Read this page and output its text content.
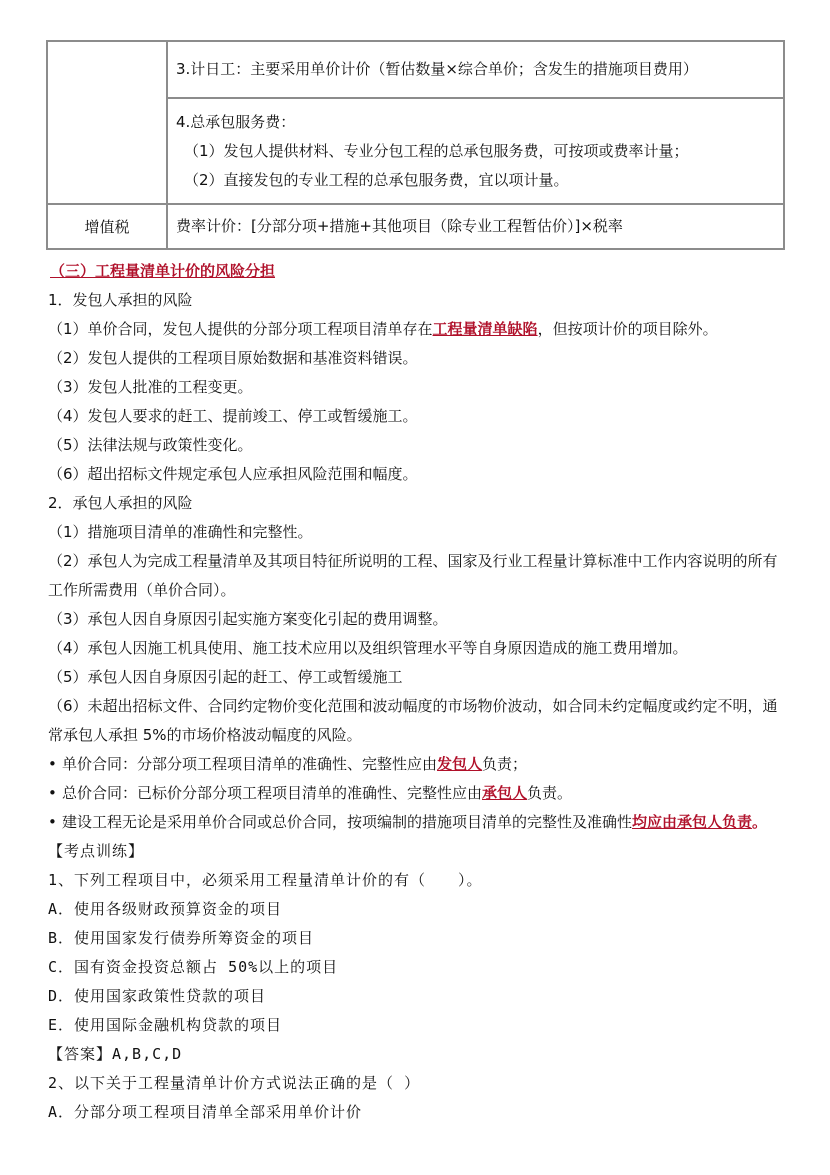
	3.计日工：主要采用单价计价（暂估数量×综合单价；含发生的措施项目费用）

	4.总承包服务费：

（1）发包人提供材料、专业分包工程的总承包服务费，可按项或费率计量；

（2）直接发包的专业工程的总承包服务费，宜以项计量。

增值税	费率计价：[分部分项+措施+其他项目（除专业工程暂估价）]×税率

（三）工程量清单计价的风险分担

1．发包人承担的风险

（1）单价合同，发包人提供的分部分项工程项目清单存在工程量清单缺陷，但按项计价的项目除外。

（2）发包人提供的工程项目原始数据和基准资料错误。

（3）发包人批准的工程变更。

（4）发包人要求的赶工、提前竣工、停工或暂缓施工。

（5）法律法规与政策性变化。

（6）超出招标文件规定承包人应承担风险范围和幅度。

2．承包人承担的风险

（1）措施项目清单的准确性和完整性。

（2）承包人为完成工程量清单及其项目特征所说明的工程、国家及行业工程量计算标准中工作内容说明的所有工作所需费用（单价合同）。

（3）承包人因自身原因引起实施方案变化引起的费用调整。

（4）承包人因施工机具使用、施工技术应用以及组织管理水平等自身原因造成的施工费用增加。

（5）承包人因自身原因引起的赶工、停工或暂缓施工

（6）未超出招标文件、合同约定物价变化范围和波动幅度的市场物价波动，如合同未约定幅度或约定不明，通常承包人承担 5%的市场价格波动幅度的风险。

• 单价合同：分部分项工程项目清单的准确性、完整性应由发包人负责；

• 总价合同：已标价分部分项工程项目清单的准确性、完整性应由承包人负责。

• 建设工程无论是采用单价合同或总价合同，按项编制的措施项目清单的完整性及准确性均应由承包人负责。

【考点训练】

1、下列工程项目中，必须采用工程量清单计价的有（　　）。

A．使用各级财政预算资金的项目

B．使用国家发行债券所筹资金的项目

C．国有资金投资总额占 50%以上的项目

D．使用国家政策性贷款的项目

E．使用国际金融机构贷款的项目

【答案】A,B,C,D

2、以下关于工程量清单计价方式说法正确的是（ ）

A．分部分项工程项目清单全部采用单价计价
